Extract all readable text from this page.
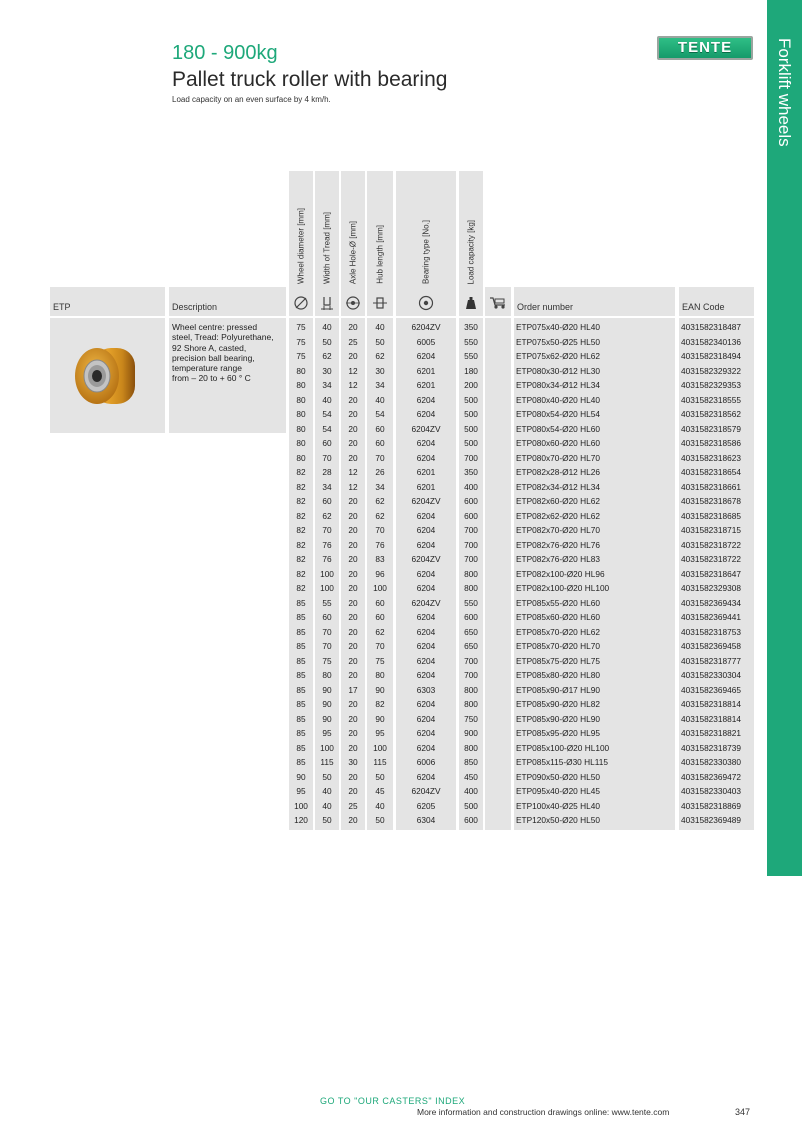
Forklift wheels
TENTE
180 - 900kg
Pallet truck roller with bearing
Load capacity on an even surface by 4 km/h.
Wheel diameter [mm] Width of Tread [mm] Axle Hole-Ø [mm] Hub length [mm]	Bearing type [No.]	Load capacity [kg]
ETP	Description	Order number	EAN Code
Wheel centre: pressed
steel, Tread: Polyurethane,
92 Shore A, casted,
precision ball bearing,
temperature range
from – 20 to + 60 ° C
75	40	20	40	6204ZV	350	ETP075x40-Ø20 HL40	4031582318487
75	50	25	50	6005	550	ETP075x50-Ø25 HL50	4031582340136
75	62	20	62	6204	550	ETP075x62-Ø20 HL62	4031582318494
80	30	12	30	6201	180	ETP080x30-Ø12 HL30	4031582329322
80	34	12	34	6201	200	ETP080x34-Ø12 HL34	4031582329353
80	40	20	40	6204	500	ETP080x40-Ø20 HL40	4031582318555
80	54	20	54	6204	500	ETP080x54-Ø20 HL54	4031582318562
80	54	20	60	6204ZV	500	ETP080x54-Ø20 HL60	4031582318579
80	60	20	60	6204	500	ETP080x60-Ø20 HL60	4031582318586
80	70	20	70	6204	700	ETP080x70-Ø20 HL70	4031582318623
82	28	12	26	6201	350	ETP082x28-Ø12 HL26	4031582318654
82	34	12	34	6201	400	ETP082x34-Ø12 HL34	4031582318661
82	60	20	62	6204ZV	600	ETP082x60-Ø20 HL62	4031582318678
82	62	20	62	6204	600	ETP082x62-Ø20 HL62	4031582318685
82	70	20	70	6204	700	ETP082x70-Ø20 HL70	4031582318715
82	76	20	76	6204	700	ETP082x76-Ø20 HL76	4031582318722
82	76	20	83	6204ZV	700	ETP082x76-Ø20 HL83	4031582318722
82	100	20	96	6204	800	ETP082x100-Ø20 HL96	4031582318647
82	100	20	100	6204	800	ETP082x100-Ø20 HL100	4031582329308
85	55	20	60	6204ZV	550	ETP085x55-Ø20 HL60	4031582369434
85	60	20	60	6204	600	ETP085x60-Ø20 HL60	4031582369441
85	70	20	62	6204	650	ETP085x70-Ø20 HL62	4031582318753
85	70	20	70	6204	650	ETP085x70-Ø20 HL70	4031582369458
85	75	20	75	6204	700	ETP085x75-Ø20 HL75	4031582318777
85	80	20	80	6204	700	ETP085x80-Ø20 HL80	4031582330304
85	90	17	90	6303	800	ETP085x90-Ø17 HL90	4031582369465
85	90	20	82	6204	800	ETP085x90-Ø20 HL82	4031582318814
85	90	20	90	6204	750	ETP085x90-Ø20 HL90	4031582318814
85	95	20	95	6204	900	ETP085x95-Ø20 HL95	4031582318821
85	100	20	100	6204	800	ETP085x100-Ø20 HL100	4031582318739
85	115	30	115	6006	850	ETP085x115-Ø30 HL115	4031582330380
90	50	20	50	6204	450	ETP090x50-Ø20 HL50	4031582369472
95	40	20	45	6204ZV	400	ETP095x40-Ø20 HL45	4031582330403
100	40	25	40	6205	500	ETP100x40-Ø25 HL40	4031582318869
120	50	20	50	6304	600	ETP120x50-Ø20 HL50	4031582369489
GO TO "OUR CASTERS" INDEX
More information and construction drawings online: www.tente.com	347
